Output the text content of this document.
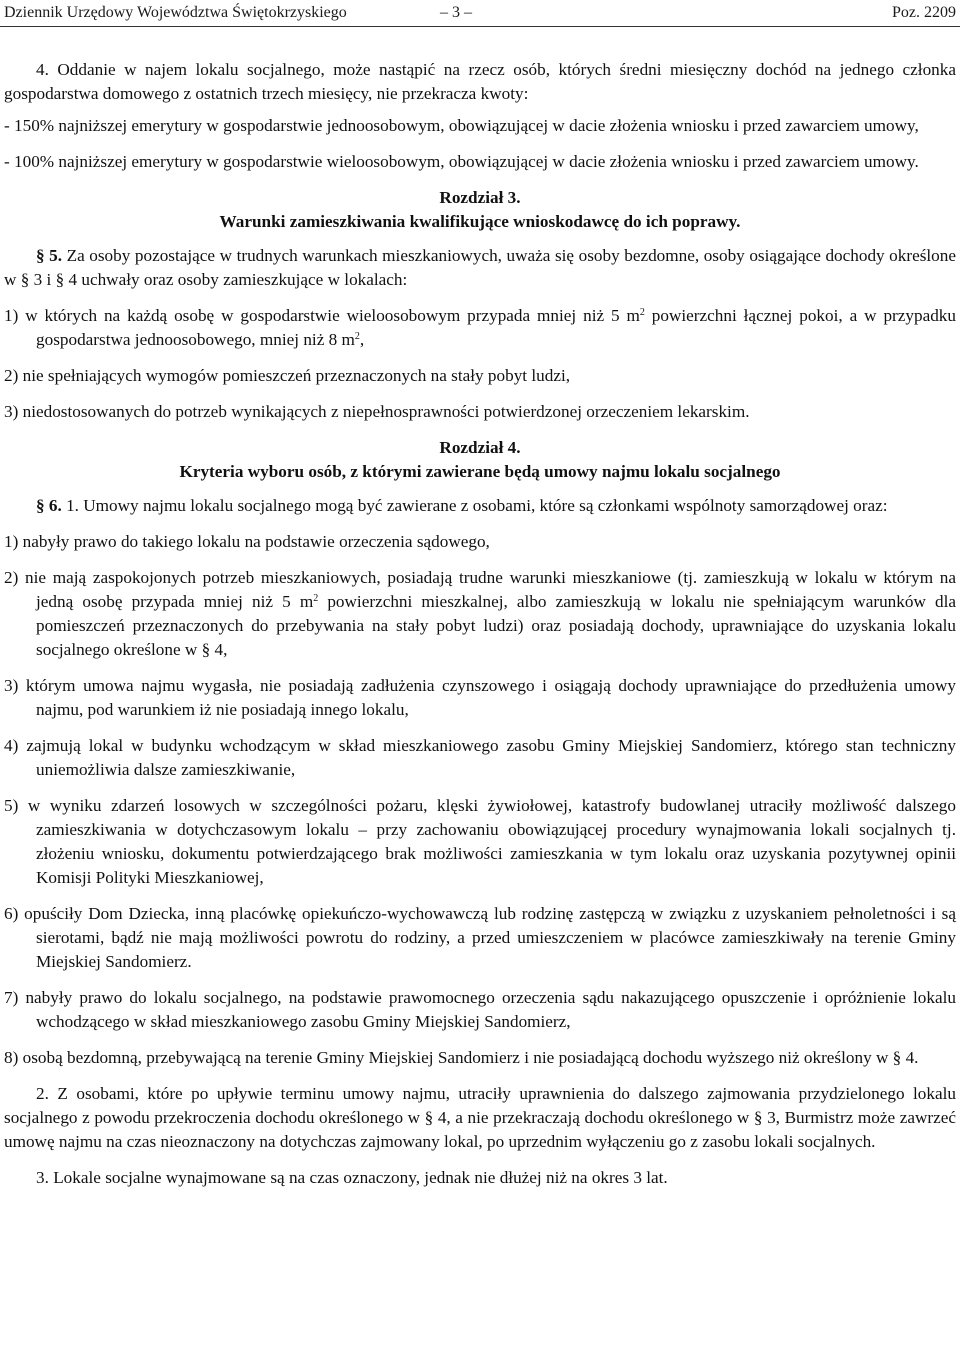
Dziennik Urzędowy Województwa Świętokrzyskiego	– 3 –	Poz. 2209

4. Oddanie w najem lokalu socjalnego, może nastąpić na rzecz osób, których średni miesięczny dochód na jednego członka gospodarstwa domowego z ostatnich trzech miesięcy, nie przekracza kwoty:

- 150% najniższej emerytury w gospodarstwie jednoosobowym, obowiązującej w dacie złożenia wniosku i przed zawarciem umowy,

- 100% najniższej emerytury w gospodarstwie wieloosobowym, obowiązującej w dacie złożenia wniosku i przed zawarciem umowy.

Rozdział 3.

Warunki zamieszkiwania kwalifikujące wnioskodawcę do ich poprawy.

§ 5. Za osoby pozostające w trudnych warunkach mieszkaniowych, uważa się osoby bezdomne, osoby osiągające dochody określone w § 3 i § 4 uchwały oraz osoby zamieszkujące w lokalach:

1) w których na każdą osobę w gospodarstwie wieloosobowym przypada mniej niż 5 $m^2$ powierzchni łącznej pokoi, a w przypadku gospodarstwa jednoosobowego, mniej niż 8 $m^2$,

2) nie spełniających wymogów pomieszczeń przeznaczonych na stały pobyt ludzi,

3) niedostosowanych do potrzeb wynikających z niepełnosprawności potwierdzonej orzeczeniem lekarskim.

Rozdział 4.

Kryteria wyboru osób, z którymi zawierane będą umowy najmu lokalu socjalnego

§ 6. 1. Umowy najmu lokalu socjalnego mogą być zawierane z osobami, które są członkami wspólnoty samorządowej oraz:

1) nabyły prawo do takiego lokalu na podstawie orzeczenia sądowego,

2) nie mają zaspokojonych potrzeb mieszkaniowych, posiadają trudne warunki mieszkaniowe (tj. zamieszkują w lokalu w którym na jedną osobę przypada mniej niż 5 $m^2$ powierzchni mieszkalnej, albo zamieszkują w lokalu nie spełniającym warunków dla pomieszczeń przeznaczonych do przebywania na stały pobyt ludzi) oraz posiadają dochody, uprawniające do uzyskania lokalu socjalnego określone w § 4,

3) którym umowa najmu wygasła, nie posiadają zadłużenia czynszowego i osiągają dochody uprawniające do przedłużenia umowy najmu, pod warunkiem iż nie posiadają innego lokalu,

4) zajmują lokal w budynku wchodzącym w skład mieszkaniowego zasobu Gminy Miejskiej Sandomierz, którego stan techniczny uniemożliwia dalsze zamieszkiwanie,

5) w wyniku zdarzeń losowych w szczególności pożaru, klęski żywiołowej, katastrofy budowlanej utraciły możliwość dalszego zamieszkiwania w dotychczasowym lokalu – przy zachowaniu obowiązującej procedury wynajmowania lokali socjalnych tj. złożeniu wniosku, dokumentu potwierdzającego brak możliwości zamieszkania w tym lokalu oraz uzyskania pozytywnej opinii Komisji Polityki Mieszkaniowej,

6) opuściły Dom Dziecka, inną placówkę opiekuńczo-wychowawczą lub rodzinę zastępczą w związku z uzyskaniem pełnoletności i są sierotami, bądź nie mają możliwości powrotu do rodziny, a przed umieszczeniem w placówce zamieszkiwały na terenie Gminy Miejskiej Sandomierz.

7) nabyły prawo do lokalu socjalnego, na podstawie prawomocnego orzeczenia sądu nakazującego opuszczenie i opróżnienie lokalu wchodzącego w skład mieszkaniowego zasobu Gminy Miejskiej Sandomierz,

8) osobą bezdomną, przebywającą na terenie Gminy Miejskiej Sandomierz i nie posiadającą dochodu wyższego niż określony w § 4.

2. Z osobami, które po upływie terminu umowy najmu, utraciły uprawnienia do dalszego zajmowania przydzielonego lokalu socjalnego z powodu przekroczenia dochodu określonego w § 4, a nie przekraczają dochodu określonego w § 3, Burmistrz może zawrzeć umowę najmu na czas nieoznaczony na dotychczas zajmowany lokal, po uprzednim wyłączeniu go z zasobu lokali socjalnych.

3. Lokale socjalne wynajmowane są na czas oznaczony, jednak nie dłużej niż na okres 3 lat.
